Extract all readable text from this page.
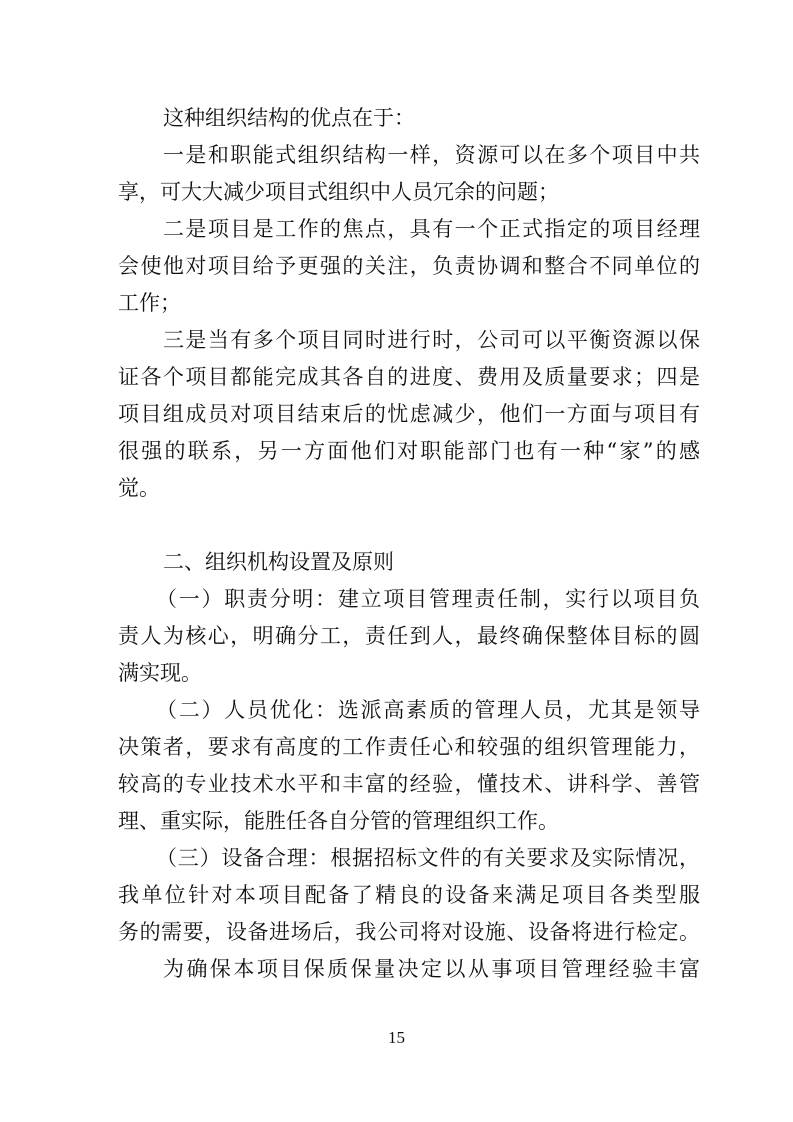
这种组织结构的优点在于：
一是和职能式组织结构一样，资源可以在多个项目中共
享，可大大减少项目式组织中人员冗余的问题；
二是项目是工作的焦点，具有一个正式指定的项目经理
会使他对项目给予更强的关注，负责协调和整合不同单位的
工作；
三是当有多个项目同时进行时，公司可以平衡资源以保
证各个项目都能完成其各自的进度、费用及质量要求；四是
项目组成员对项目结束后的忧虑减少，他们一方面与项目有
很强的联系，另一方面他们对职能部门也有一种“家”的感
觉。
二、组织机构设置及原则
（一）职责分明：建立项目管理责任制，实行以项目负
责人为核心，明确分工，责任到人，最终确保整体目标的圆
满实现。
（二）人员优化：选派高素质的管理人员，尤其是领导
决策者，要求有高度的工作责任心和较强的组织管理能力，
较高的专业技术水平和丰富的经验，懂技术、讲科学、善管
理、重实际，能胜任各自分管的管理组织工作。
（三）设备合理：根据招标文件的有关要求及实际情况，
我单位针对本项目配备了精良的设备来满足项目各类型服
务的需要，设备进场后，我公司将对设施、设备将进行检定。
为确保本项目保质保量决定以从事项目管理经验丰富
15
